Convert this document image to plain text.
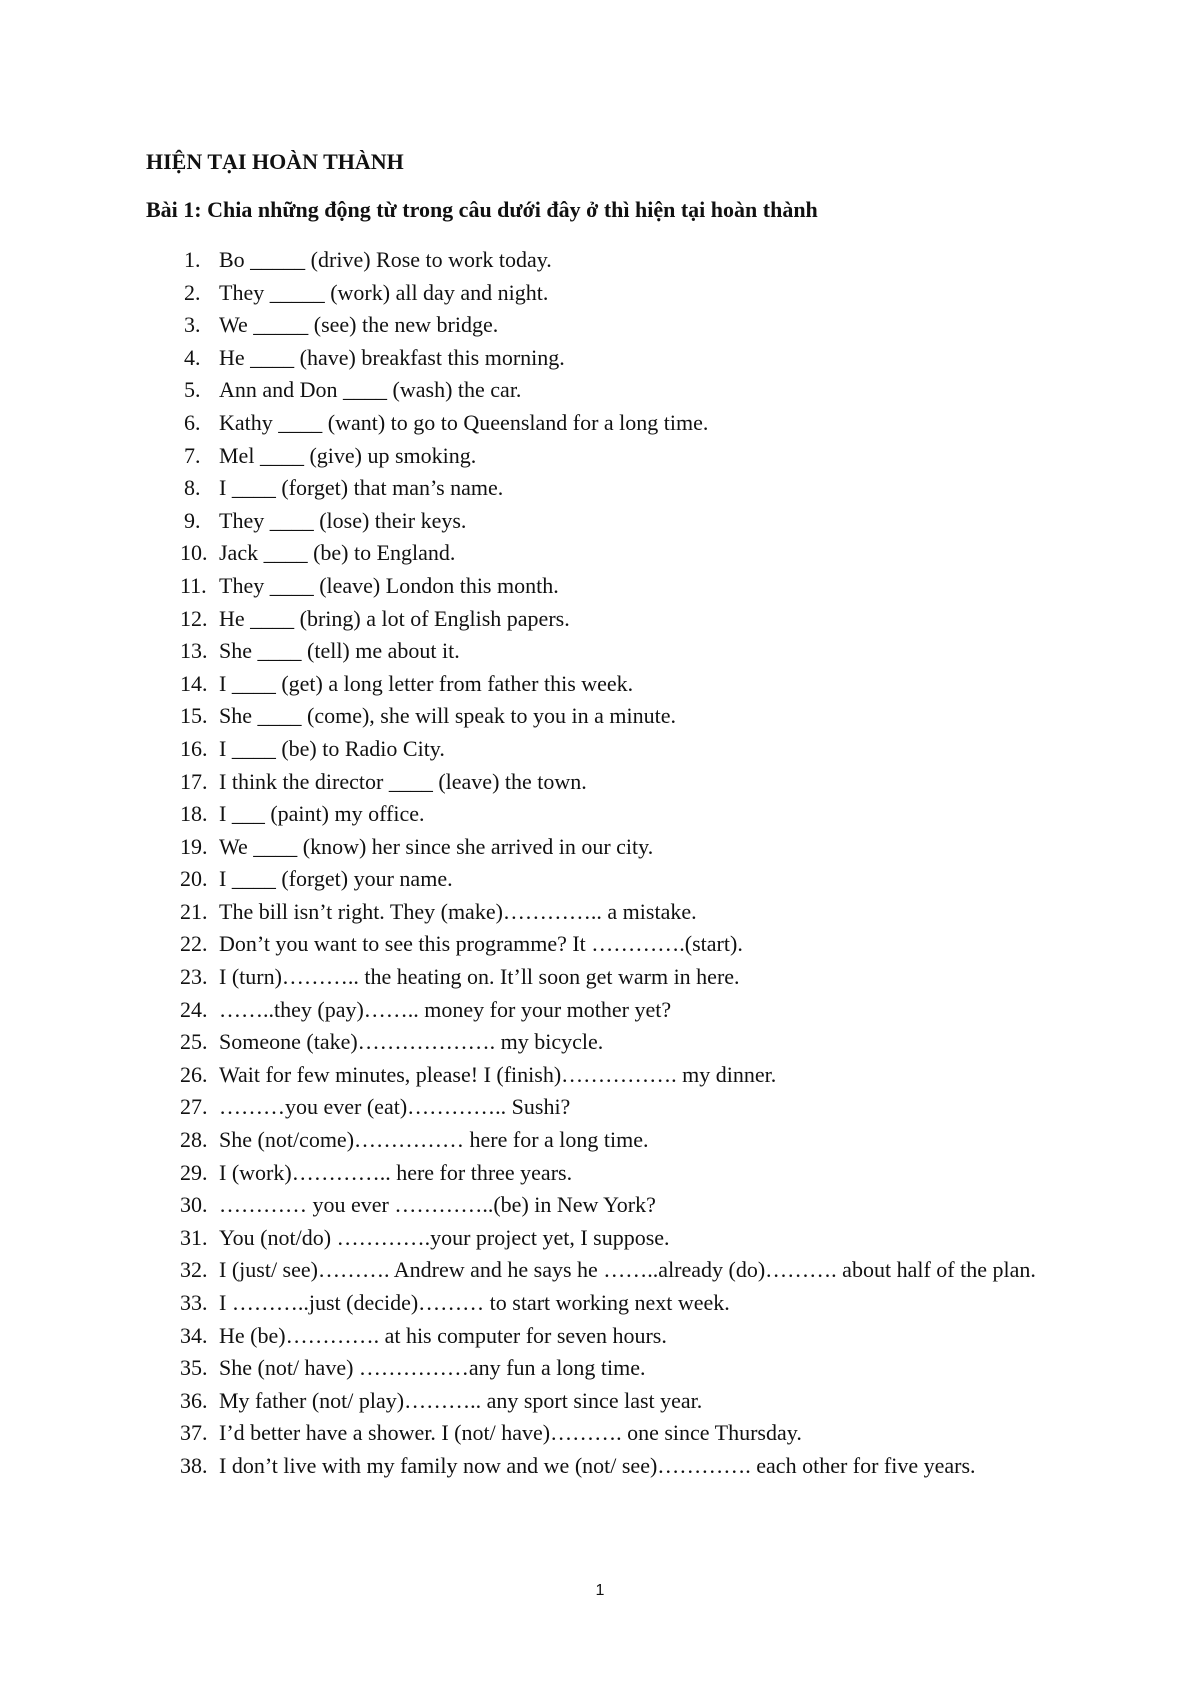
HIỆN TẠI HOÀN THÀNH
Bài 1: Chia những động từ trong câu dưới đây ở thì hiện tại hoàn thành
1. Bo _____ (drive) Rose to work today.
2. They _____ (work) all day and night.
3. We _____ (see) the new bridge.
4. He ____ (have) breakfast this morning.
5. Ann and Don ____ (wash) the car.
6. Kathy ____ (want) to go to Queensland for a long time.
7. Mel ____ (give) up smoking.
8. I ____ (forget) that man’s name.
9. They ____ (lose) their keys.
10. Jack ____ (be) to England.
11. They ____ (leave) London this month.
12. He ____ (bring) a lot of English papers.
13. She ____ (tell) me about it.
14. I ____ (get) a long letter from father this week.
15. She ____ (come), she will speak to you in a minute.
16. I ____ (be) to Radio City.
17. I think the director ____ (leave) the town.
18. I ___ (paint) my office.
19. We ____ (know) her since she arrived in our city.
20. I ____ (forget) your name.
21. The bill isn’t right. They (make)………….. a mistake.
22. Don’t you want to see this programme? It ………….(start).
23. I (turn)……….. the heating on. It’ll soon get warm in here.
24. ……..they (pay)…….. money for your mother yet?
25. Someone (take)………………. my bicycle.
26. Wait for few minutes, please! I (finish)……………. my dinner.
27. ………you ever (eat)………….. Sushi?
28. She (not/come)…………… here for a long time.
29. I (work)………….. here for three years.
30. ………… you ever …………..(be) in New York?
31. You (not/do) ………….your project yet, I suppose.
32. I (just/ see)………. Andrew and he says he ……..already (do)………. about half of the plan.
33. I ………..just (decide)……… to start working next week.
34. He (be)…………. at his computer for seven hours.
35. She (not/ have) ……………any fun a long time.
36. My father (not/ play)……….. any sport since last year.
37. I’d better have a shower. I (not/ have)………. one since Thursday.
38. I don’t live with my family now and we (not/ see)…………. each other for five years.
1
